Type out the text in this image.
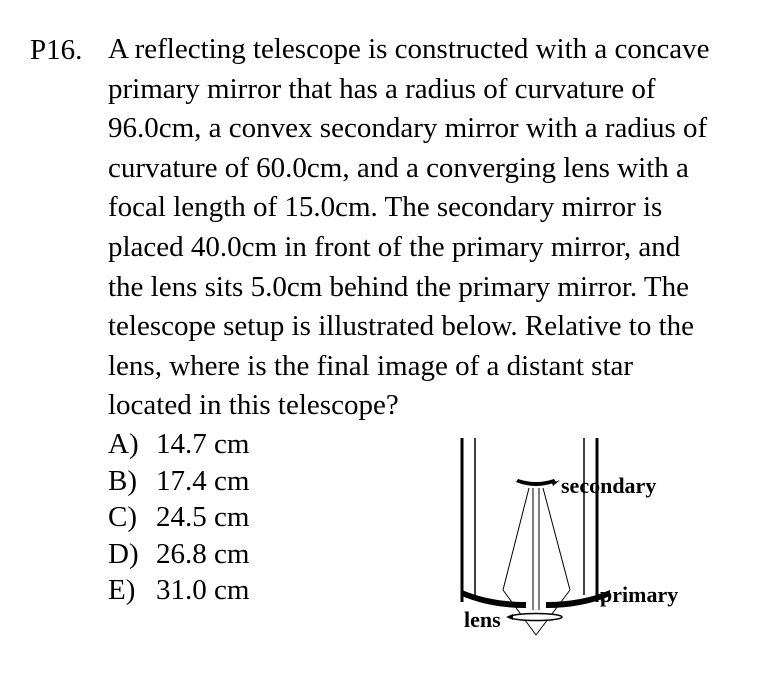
P16. A reflecting telescope is constructed with a concave
primary mirror that has a radius of curvature of
96.0cm, a convex secondary mirror with a radius of
curvature of 60.0cm, and a converging lens with a
focal length of 15.0cm. The secondary mirror is
placed 40.0cm in front of the primary mirror, and
the lens sits 5.0cm behind the primary mirror. The
telescope setup is illustrated below. Relative to the
lens, where is the final image of a distant star
located in this telescope?
A) 14.7 cm
B) 17.4 cm
C) 24.5 cm
D) 26.8 cm
E) 31.0 cm
secondary
primary
lens
